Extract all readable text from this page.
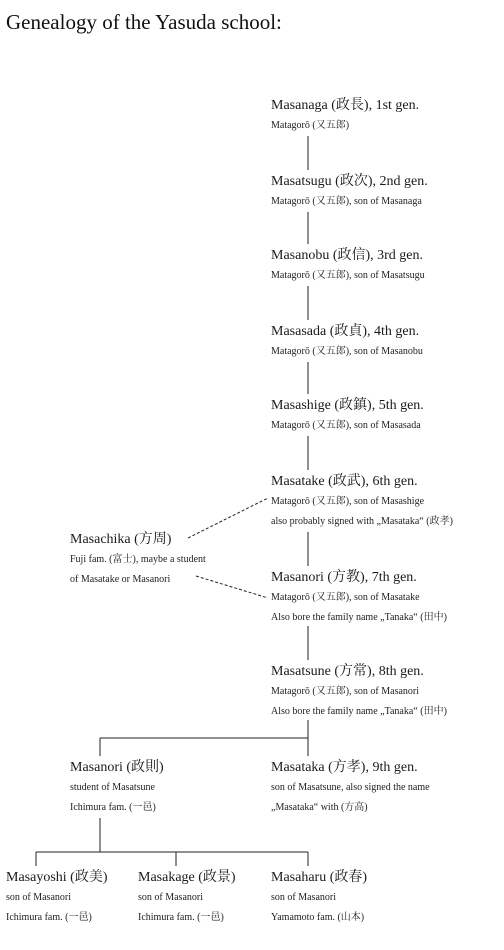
Genealogy of the Yasuda school:
Masanaga (政長), 1st gen.
Matagorō (又五郎)
Masatsugu (政次), 2nd gen.
Matagorō (又五郎), son of Masanaga
Masanobu (政信), 3rd gen.
Matagorō (又五郎), son of Masatsugu
Masasada (政貞), 4th gen.
Matagorō (又五郎), son of Masanobu
Masashige (政鎮), 5th gen.
Matagorō (又五郎), son of Masasada
Masatake (政武), 6th gen.
Matagorō (又五郎), son of Masashige
also probably signed with „Masataka“ (政孝)
Masachika (方周)
Fuji fam. (富士), maybe a student
of Masatake or Masanori	Masanori (方教), 7th gen.
Matagorō (又五郎), son of Masatake
Also bore the family name „Tanaka“ (田中)
Masatsune (方常), 8th gen.
Matagorō (又五郎), son of Masanori
Also bore the family name „Tanaka“ (田中)
Masanori (政則)
student of Masatsune
Ichimura fam. (一邑)
Masataka (方孝), 9th gen.
son of Masatsune, also signed the name
„Masataka“ with (方高)
Masayoshi (政美)
son of Masanori
Ichimura fam. (一邑)
Masakage (政景)
son of Masanori
Ichimura fam. (一邑)
Masaharu (政春)
son of Masanori
Yamamoto fam. (山本)
